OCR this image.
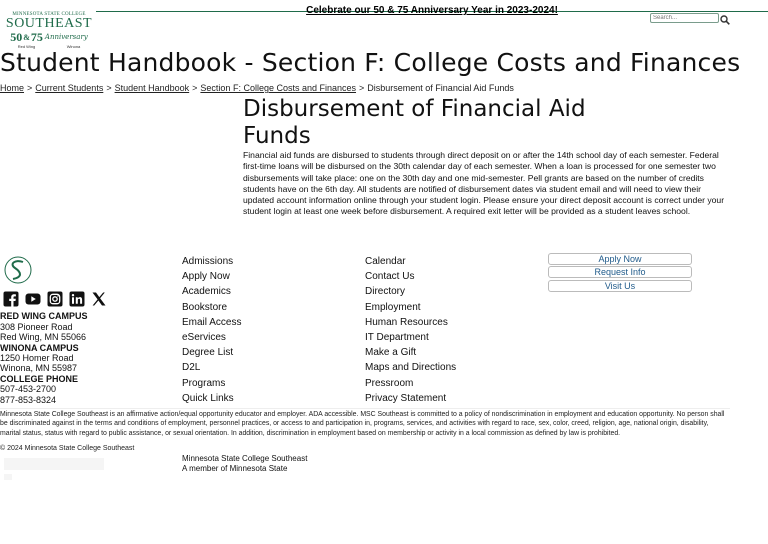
Celebrate our 50 & 75 Anniversary Year in 2023-2024!
MINNESOTA STATE COLLEGE
SOUTHEAST
50 & 75 Anniversary
Red Wing	Winona
Search...
Student Handbook - Section F: College Costs and Finances
Home > Current Students > Student Handbook > Section F: College Costs and Finances > Disbursement of Financial Aid Funds
Disbursement of Financial Aid Funds

Financial aid funds are disbursed to students through direct deposit on or after the 14th school day of each semester. Federal first-time loans will be disbursed on the 30th calendar day of each semester. When a loan is processed for one semester two disbursements will take place: one on the 30th day and one mid-semester. Pell grants are based on the number of credits students have on the 6th day. All students are notified of disbursement dates via student email and will need to view their updated account information online through your student login. Please ensure your direct deposit account is correct under your student login at least one week before disbursement. A required exit letter will be provided as a student leaves school.

RED WING CAMPUS
308 Pioneer Road
Red Wing, MN 55066
WINONA CAMPUS
1250 Homer Road
Winona, MN 55987
COLLEGE PHONE
507-453-2700
877-853-8324
Admissions
Apply Now
Academics
Bookstore
Email Access
eServices
Degree List
D2L
Programs
Quick Links
Calendar
Contact Us
Directory
Employment
Human Resources
IT Department
Make a Gift
Maps and Directions
Pressroom
Privacy Statement
Apply Now
Request Info
Visit Us

Minnesota State College Southeast is an affirmative action/equal opportunity educator and employer. ADA accessible. MSC Southeast is committed to a policy of nondiscrimination in employment and education opportunity. No person shall be discriminated against in the terms and conditions of employment, personnel practices, or access to and participation in, programs, services, and activities with regard to race, sex, color, creed, religion, age, national origin, disability, marital status, status with regard to public assistance, or sexual orientation. In addition, discrimination in employment based on membership or activity in a local commission as defined by law is prohibited.

© 2024 Minnesota State College Southeast
Minnesota State College Southeast
A member of Minnesota State
